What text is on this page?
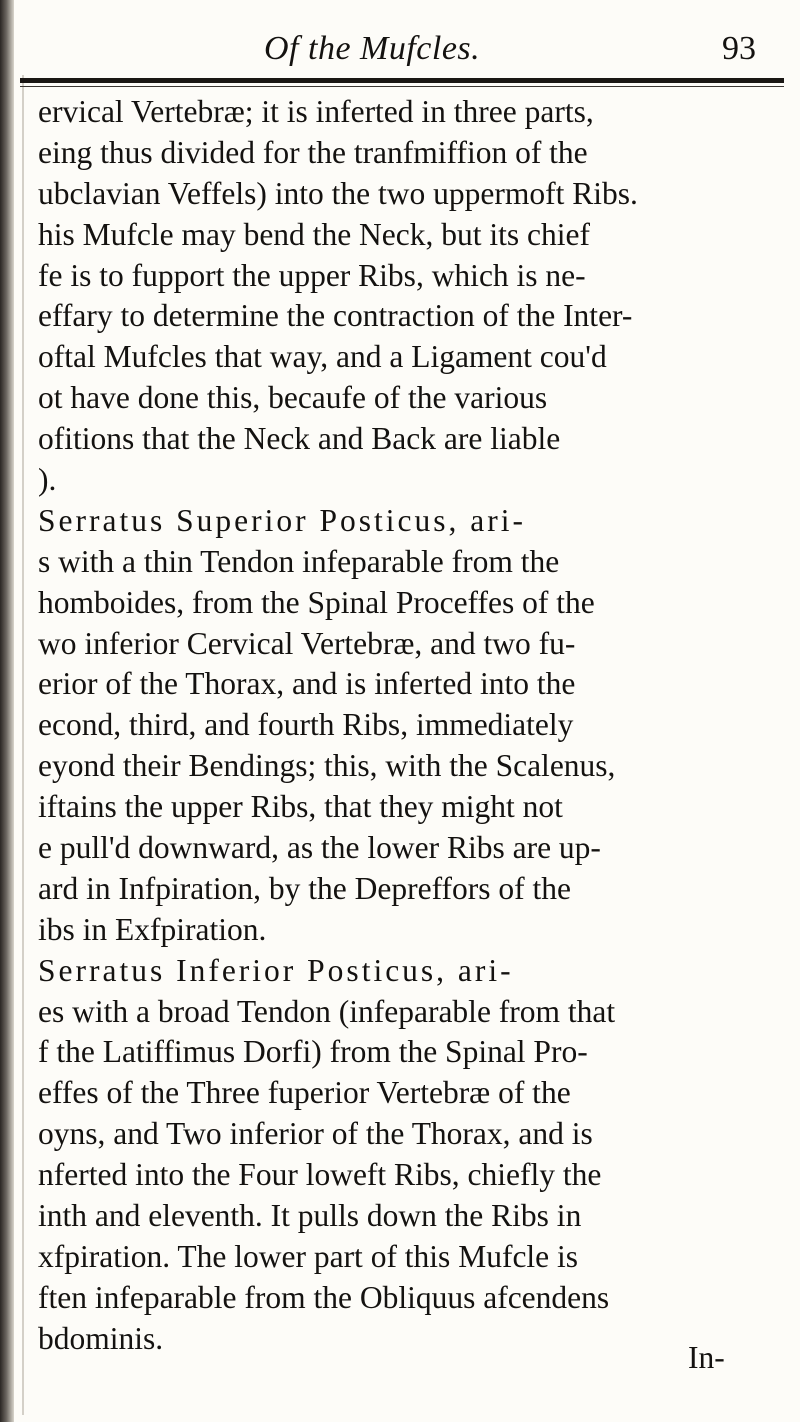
Of the Mufcles.	93
ervical Vertebræ; it is inferted in three parts,
eing thus divided for the tranfmiffion of the
ubclavian Veffels) into the two uppermoft Ribs.
his Mufcle may bend the Neck, but its chief
fe is to fupport the upper Ribs, which is ne-
effary to determine the contraction of the Inter-
oftal Mufcles that way, and a Ligament cou'd
ot have done this, becaufe of the various
ofitions that the Neck and Back are liable
).
Serratus Superior Posticus, ari-
s with a thin Tendon infeparable from the
homboides, from the Spinal Proceffes of the
wo inferior Cervical Vertebræ, and two fu-
erior of the Thorax, and is inferted into the
econd, third, and fourth Ribs, immediately
eyond their Bendings; this, with the Scalenus,
iftains the upper Ribs, that they might not
e pull'd downward, as the lower Ribs are up-
ard in Infpiration, by the Depreffors of the
ibs in Exfpiration.
Serratus Inferior Posticus, ari-
es with a broad Tendon (infeparable from that
f the Latiffimus Dorfi) from the Spinal Pro-
effes of the Three fuperior Vertebræ of the
oyns, and Two inferior of the Thorax, and is
nferted into the Four loweft Ribs, chiefly the
inth and eleventh. It pulls down the Ribs in
xfpiration. The lower part of this Mufcle is
ften infeparable from the Obliquus afcendens
bdominis.
In-
